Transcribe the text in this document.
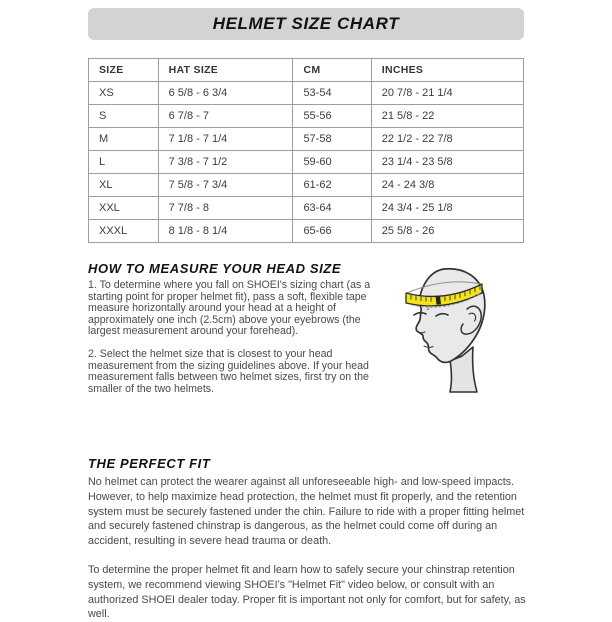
HELMET SIZE CHART
SIZE	HAT SIZE	CM	INCHES
XS	6 5/8 - 6 3/4	53-54	20 7/8 - 21 1/4
S	6 7/8 - 7	55-56	21 5/8 - 22
M	7 1/8 - 7 1/4	57-58	22 1/2 - 22 7/8
L	7 3/8 - 7 1/2	59-60	23 1/4 - 23 5/8
XL	7 5/8 - 7 3/4	61-62	24 - 24 3/8
XXL	7 7/8 - 8	63-64	24 3/4 - 25 1/8
XXXL	8 1/8 - 8 1/4	65-66	25 5/8 - 26
HOW TO MEASURE YOUR HEAD SIZE

1. To determine where you fall on SHOEI's sizing chart (as a starting point for proper helmet fit), pass a soft, flexible tape measure horizontally around your head at a height of approximately one inch (2.5cm) above your eyebrows (the largest measurement around your forehead).

2. Select the helmet size that is closest to your head measurement from the sizing guidelines above. If your head measurement falls between two helmet sizes, first try on the smaller of the two helmets.

1"
THE PERFECT FIT

No helmet can protect the wearer against all unforeseeable high- and low-speed impacts. However, to help maximize head protection, the helmet must fit properly, and the retention system must be securely fastened under the chin. Failure to ride with a proper fitting helmet and securely fastened chinstrap is dangerous, as the helmet could come off during an accident, resulting in severe head trauma or death.

To determine the proper helmet fit and learn how to safely secure your chinstrap retention system, we recommend viewing SHOEI's "Helmet Fit" video below, or consult with an authorized SHOEI dealer today. Proper fit is important not only for comfort, but for safety, as well.
